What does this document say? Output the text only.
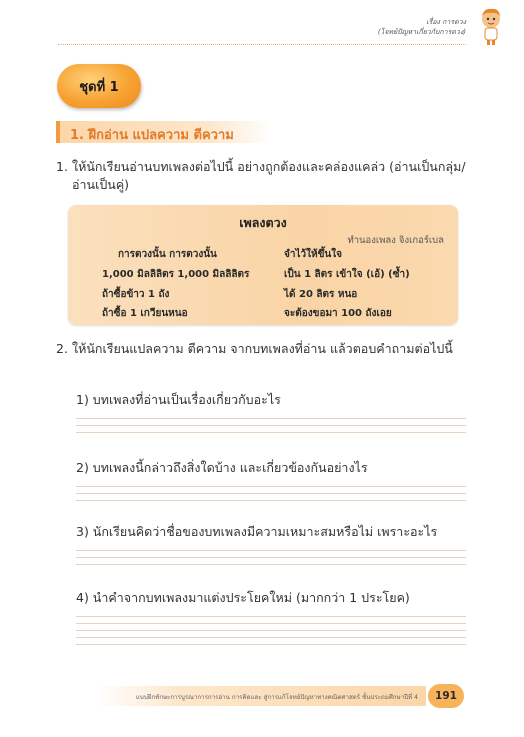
เรื่อง การตวง
(โจทย์ปัญหาเกี่ยวกับการตวง)
ชุดที่ 1
1. ฝึกอ่าน แปลความ ตีความ
1. ให้นักเรียนอ่านบทเพลงต่อไปนี้ อย่างถูกต้องและคล่องแคล่ว (อ่านเป็นกลุ่ม/อ่านเป็นคู่)
เพลงตวง
ทำนองเพลง จิงเกอร์เบล
การตวงนั้น การตวงนั้น	จำไว้ให้ขึ้นใจ
1,000 มิลลิลิตร 1,000 มิลลิลิตร	เป็น 1 ลิตร เข้าใจ (เอ้) (ซ้ำ)
ถ้าซื้อข้าว 1 ถัง	ได้ 20 ลิตร หนอ
ถ้าซื้อ 1 เกวียนหนอ	จะต้องขอมา 100 ถังเอย
2. ให้นักเรียนแปลความ ตีความ จากบทเพลงที่อ่าน แล้วตอบคำถามต่อไปนี้
1) บทเพลงที่อ่านเป็นเรื่องเกี่ยวกับอะไร
2) บทเพลงนี้กล่าวถึงสิ่งใดบ้าง และเกี่ยวข้องกันอย่างไร
3) นักเรียนคิดว่าชื่อของบทเพลงมีความเหมาะสมหรือไม่ เพราะอะไร
4) นำคำจากบทเพลงมาแต่งประโยคใหม่ (มากกว่า 1 ประโยค)
แบบฝึกทักษะการบูรณาการการอ่าน การคิดและ สู่การแก้โจทย์ปัญหาทางคณิตศาสตร์ ชั้นประถมศึกษาปีที่ 4 191
